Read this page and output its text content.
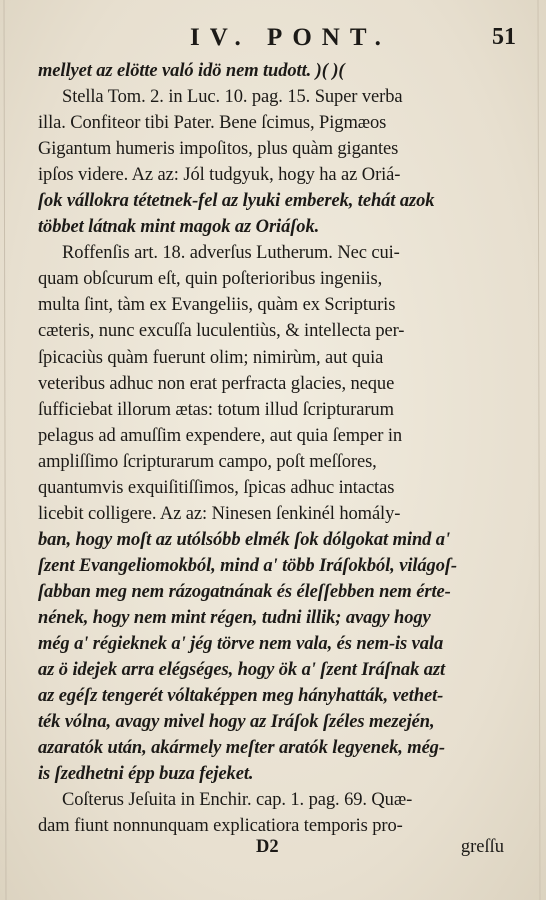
IV. PONT.	51
mellyet az elötte való idö nem tudott. )( )(
Stella Tom. 2. in Luc. 10. pag. 15. Super verba
illa. Confiteor tibi Pater. Bene ſcimus, Pigmæos
Gigantum humeris impoſitos, plus quàm gigantes
ipſos videre. Az az: Jól tudgyuk, hogy ha az Oriá-
ſok vállokra tétetnek-fel az lyuki emberek, tehát azok
többet látnak mint magok az Oriáſok.
Roffenſis art. 18. adverſus Lutherum. Nec cui-
quam obſcurum eſt, quin poſterioribus ingeniis,
multa ſint, tàm ex Evangeliis, quàm ex Scripturis
cæteris, nunc excuſſa luculentiùs, & intellecta per-
ſpicaciùs quàm fuerunt olim; nimirùm, aut quia
veteribus adhuc non erat perfracta glacies, neque
ſufficiebat illorum ætas: totum illud ſcripturarum
pelagus ad amuſſim expendere, aut quia ſemper in
ampliſſimo ſcripturarum campo, poſt meſſores,
quantumvis exquiſitiſſimos, ſpicas adhuc intactas
licebit colligere. Az az: Ninesen ſenkinél homály-
ban, hogy moſt az utólsóbb elmék ſok dólgokat mind a'
ſzent Evangeliomokból, mind a' több Iráſokból, világoſ-
ſabban meg nem rázogatnának és éleſſebben nem érte-
nének, hogy nem mint régen, tudni illik; avagy hogy
még a' régieknek a' jég törve nem vala, és nem-is vala
az ö idejek arra elégséges, hogy ök a' ſzent Iráſnak azt
az egéſz tengerét vóltaképpen meg hányhatták, vethet-
ték vólna, avagy mivel hogy az Iráſok ſzéles mezején,
azaratók után, akármely meſter aratók legyenek, még-
is ſzedhetni épp buza fejeket.
Coſterus Jeſuita in Enchir. cap. 1. pag. 69. Quæ-
dam fiunt nonnunquam explicatiora temporis pro-
D2	greſſu
